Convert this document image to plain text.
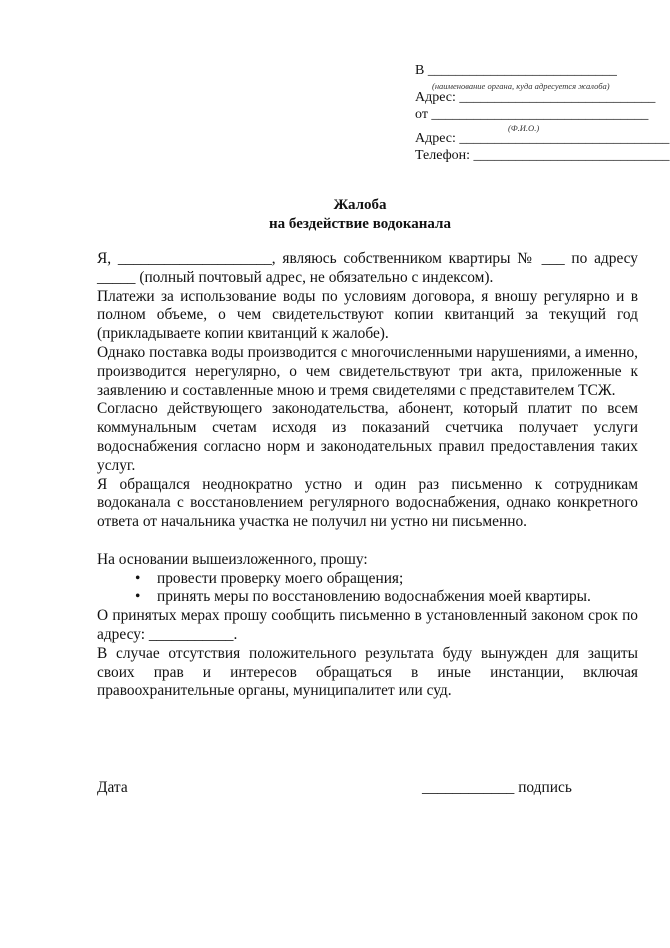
В ___________________________
(наименование органа, куда адресуется жалоба)
Адрес: ____________________________
от _______________________________
(Ф.И.О.)
Адрес: ______________________________
Телефон: ____________________________
Жалоба
на бездействие водоканала

Я, ____________________, являюсь собственником квартиры № ___ по адресу _____ (полный почтовый адрес, не обязательно с индексом).

Платежи за использование воды по условиям договора, я вношу регулярно и в полном объеме, о чем свидетельствуют копии квитанций за текущий год (прикладываете копии квитанций к жалобе).

Однако поставка воды производится с многочисленными нарушениями, а именно, производится нерегулярно, о чем свидетельствуют три акта, приложенные к заявлению и составленные мною и тремя свидетелями с представителем ТСЖ.

Согласно действующего законодательства, абонент, который платит по всем коммунальным счетам исходя из показаний счетчика получает услуги водоснабжения согласно норм и законодательных правил предоставления таких услуг.

Я обращался неоднократно устно и один раз письменно к сотрудникам водоканала с восстановлением регулярного водоснабжения, однако конкретного ответа от начальника участка не получил ни устно ни письменно.

На основании вышеизложенного, прошу:

• провести проверку моего обращения;
• принять меры по восстановлению водоснабжения моей квартиры.

О принятых мерах прошу сообщить письменно в установленный законом срок по адресу: ___________.

В случае отсутствия положительного результата буду вынужден для защиты своих прав и интересов обращаться в иные инстанции, включая правоохранительные органы, муниципалитет или суд.

Дата	____________ подпись
